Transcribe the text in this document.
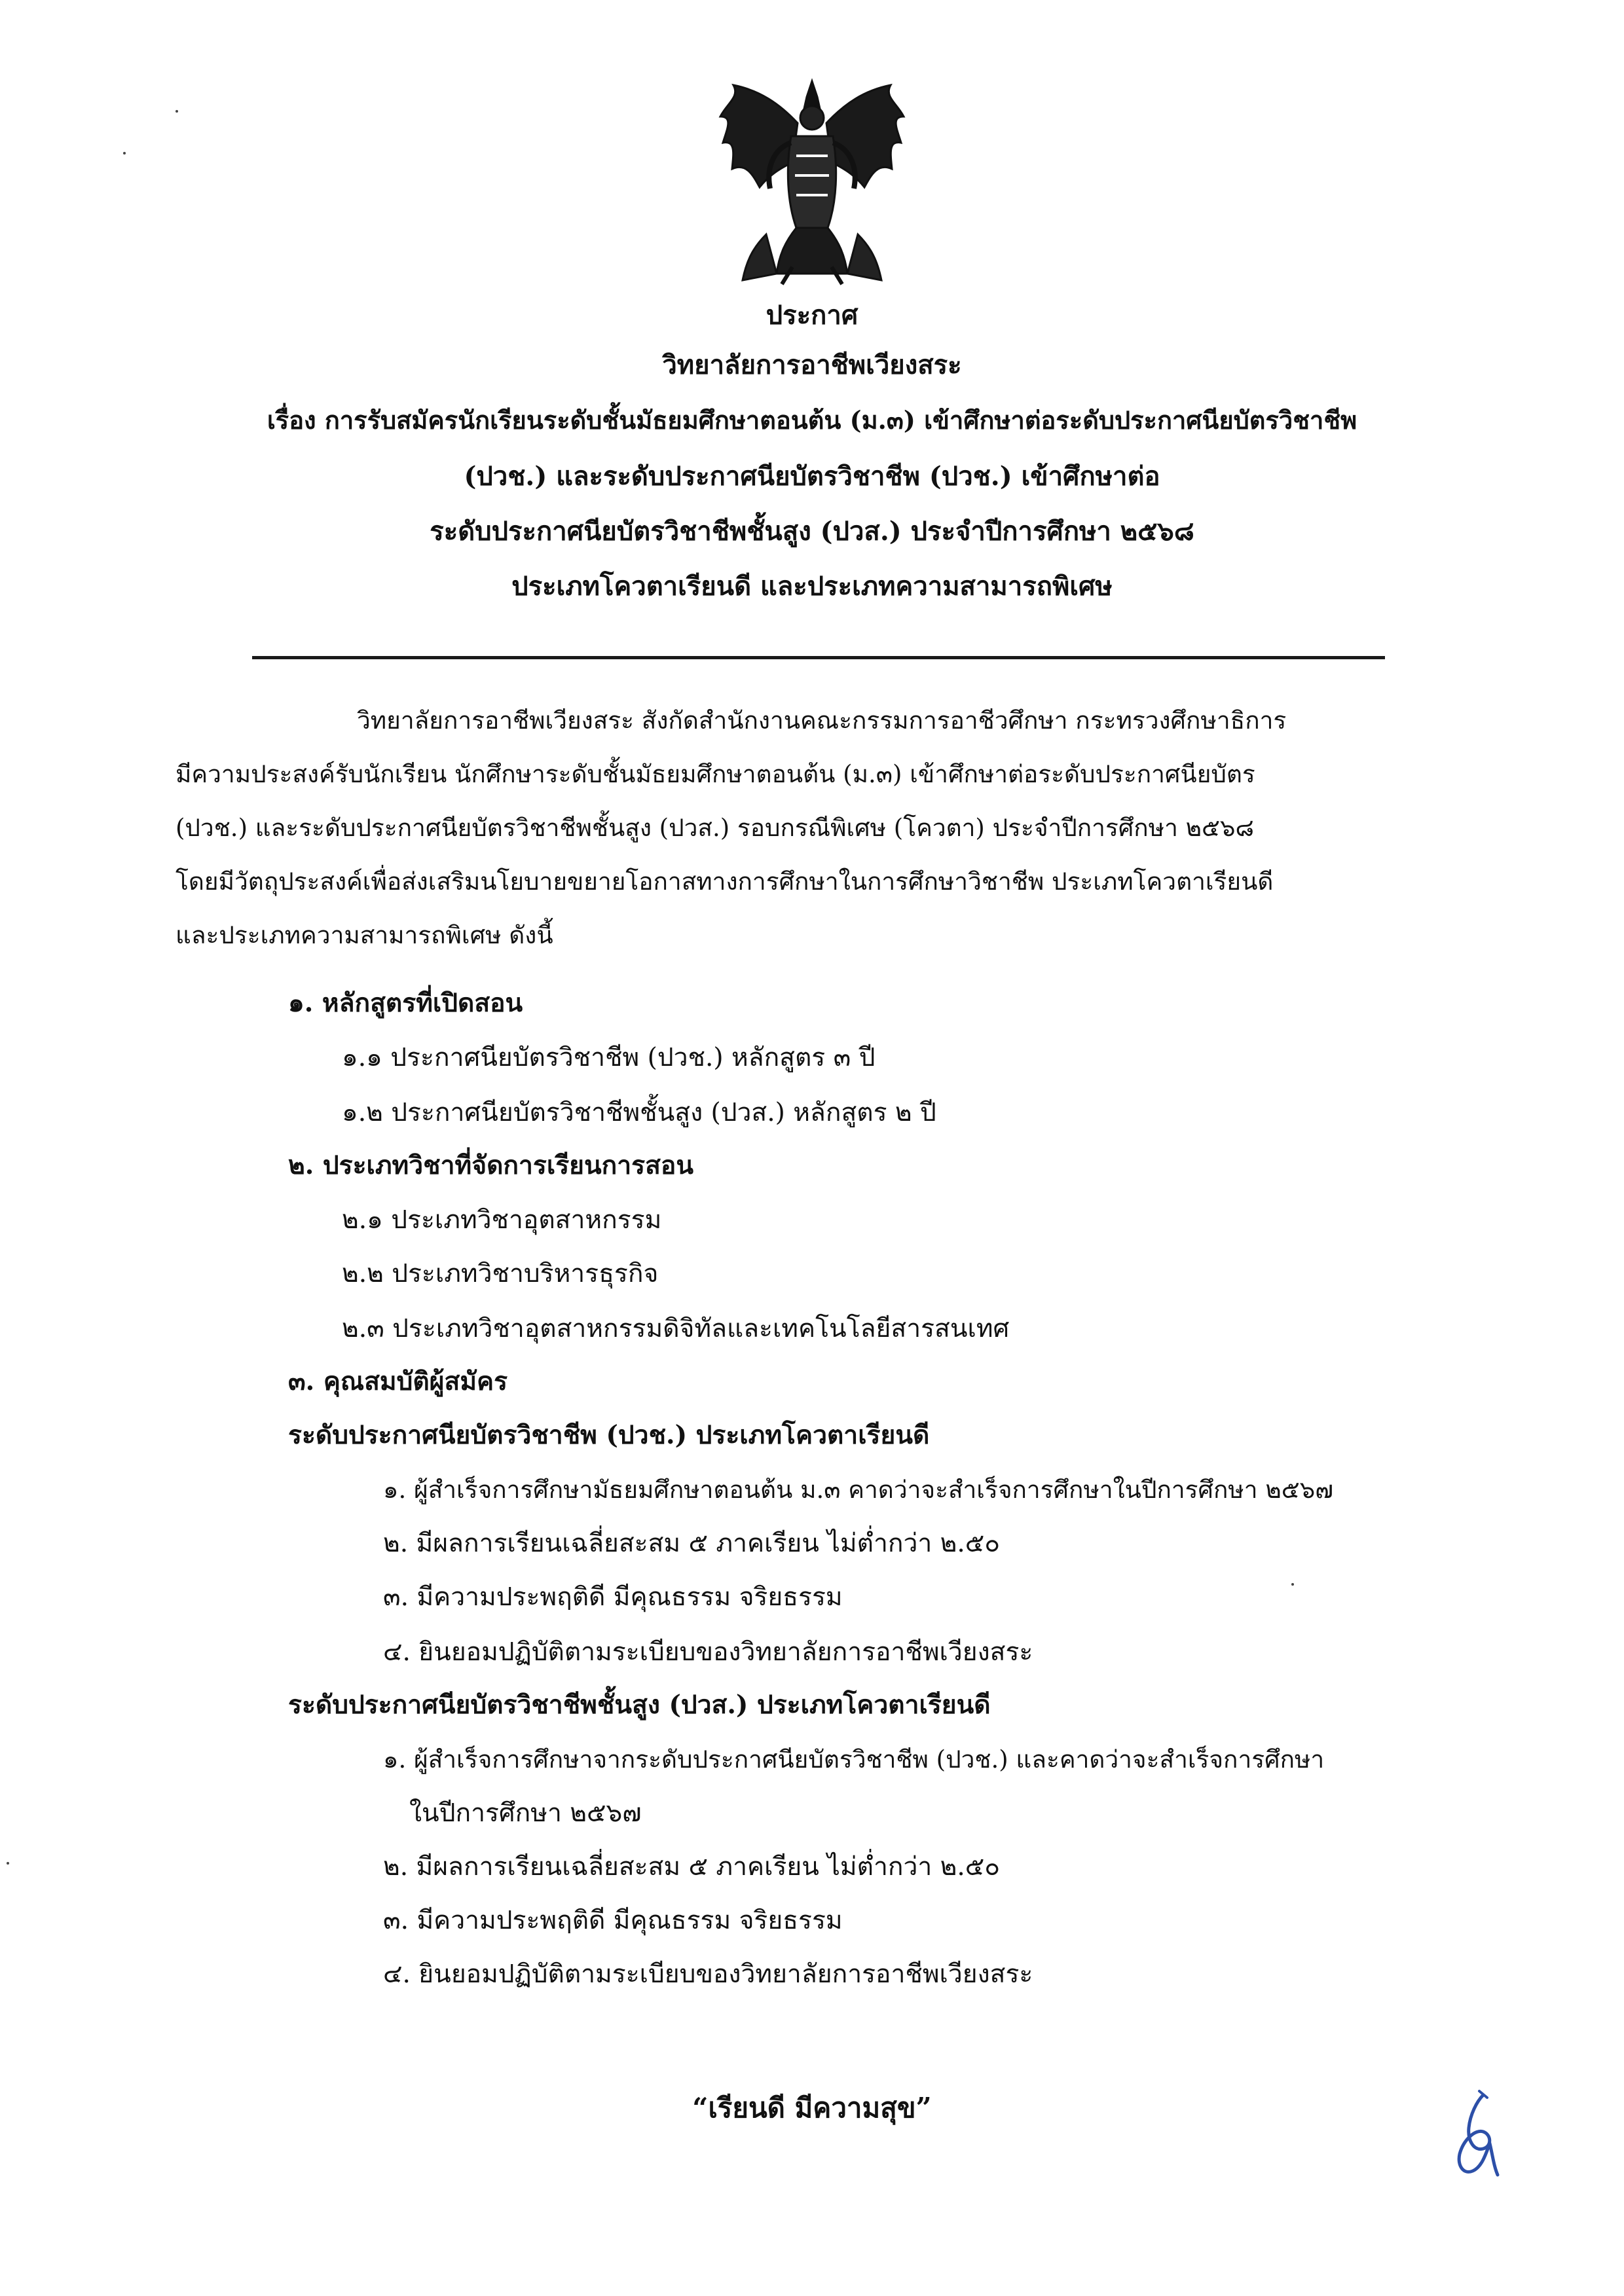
ประกาศ
วิทยาลัยการอาชีพเวียงสระ
เรื่อง การรับสมัครนักเรียนระดับชั้นมัธยมศึกษาตอนต้น (ม.๓) เข้าศึกษาต่อระดับประกาศนียบัตรวิชาชีพ
(ปวช.) และระดับประกาศนียบัตรวิชาชีพ (ปวช.) เข้าศึกษาต่อ
ระดับประกาศนียบัตรวิชาชีพชั้นสูง (ปวส.) ประจำปีการศึกษา ๒๕๖๘
ประเภทโควตาเรียนดี และประเภทความสามารถพิเศษ
วิทยาลัยการอาชีพเวียงสระ สังกัดสำนักงานคณะกรรมการอาชีวศึกษา กระทรวงศึกษาธิการ
มีความประสงค์รับนักเรียน นักศึกษาระดับชั้นมัธยมศึกษาตอนต้น (ม.๓) เข้าศึกษาต่อระดับประกาศนียบัตร
(ปวช.) และระดับประกาศนียบัตรวิชาชีพชั้นสูง (ปวส.) รอบกรณีพิเศษ (โควตา) ประจำปีการศึกษา ๒๕๖๘
โดยมีวัตถุประสงค์เพื่อส่งเสริมนโยบายขยายโอกาสทางการศึกษาในการศึกษาวิชาชีพ ประเภทโควตาเรียนดี
และประเภทความสามารถพิเศษ ดังนี้
๑. หลักสูตรที่เปิดสอน
๑.๑ ประกาศนียบัตรวิชาชีพ (ปวช.) หลักสูตร ๓ ปี
๑.๒ ประกาศนียบัตรวิชาชีพชั้นสูง (ปวส.) หลักสูตร ๒ ปี
๒. ประเภทวิชาที่จัดการเรียนการสอน
๒.๑ ประเภทวิชาอุตสาหกรรม
๒.๒ ประเภทวิชาบริหารธุรกิจ
๒.๓ ประเภทวิชาอุตสาหกรรมดิจิทัลและเทคโนโลยีสารสนเทศ
๓. คุณสมบัติผู้สมัคร
ระดับประกาศนียบัตรวิชาชีพ (ปวช.) ประเภทโควตาเรียนดี
๑. ผู้สำเร็จการศึกษามัธยมศึกษาตอนต้น ม.๓ คาดว่าจะสำเร็จการศึกษาในปีการศึกษา ๒๕๖๗
๒. มีผลการเรียนเฉลี่ยสะสม ๕ ภาคเรียน ไม่ต่ำกว่า ๒.๕๐
๓. มีความประพฤติดี มีคุณธรรม จริยธรรม
๔. ยินยอมปฏิบัติตามระเบียบของวิทยาลัยการอาชีพเวียงสระ
ระดับประกาศนียบัตรวิชาชีพชั้นสูง (ปวส.) ประเภทโควตาเรียนดี
๑. ผู้สำเร็จการศึกษาจากระดับประกาศนียบัตรวิชาชีพ (ปวช.) และคาดว่าจะสำเร็จการศึกษา
ในปีการศึกษา ๒๕๖๗
๒. มีผลการเรียนเฉลี่ยสะสม ๕ ภาคเรียน ไม่ต่ำกว่า ๒.๕๐
๓. มีความประพฤติดี มีคุณธรรม จริยธรรม
๔. ยินยอมปฏิบัติตามระเบียบของวิทยาลัยการอาชีพเวียงสระ
“เรียนดี มีความสุข”
